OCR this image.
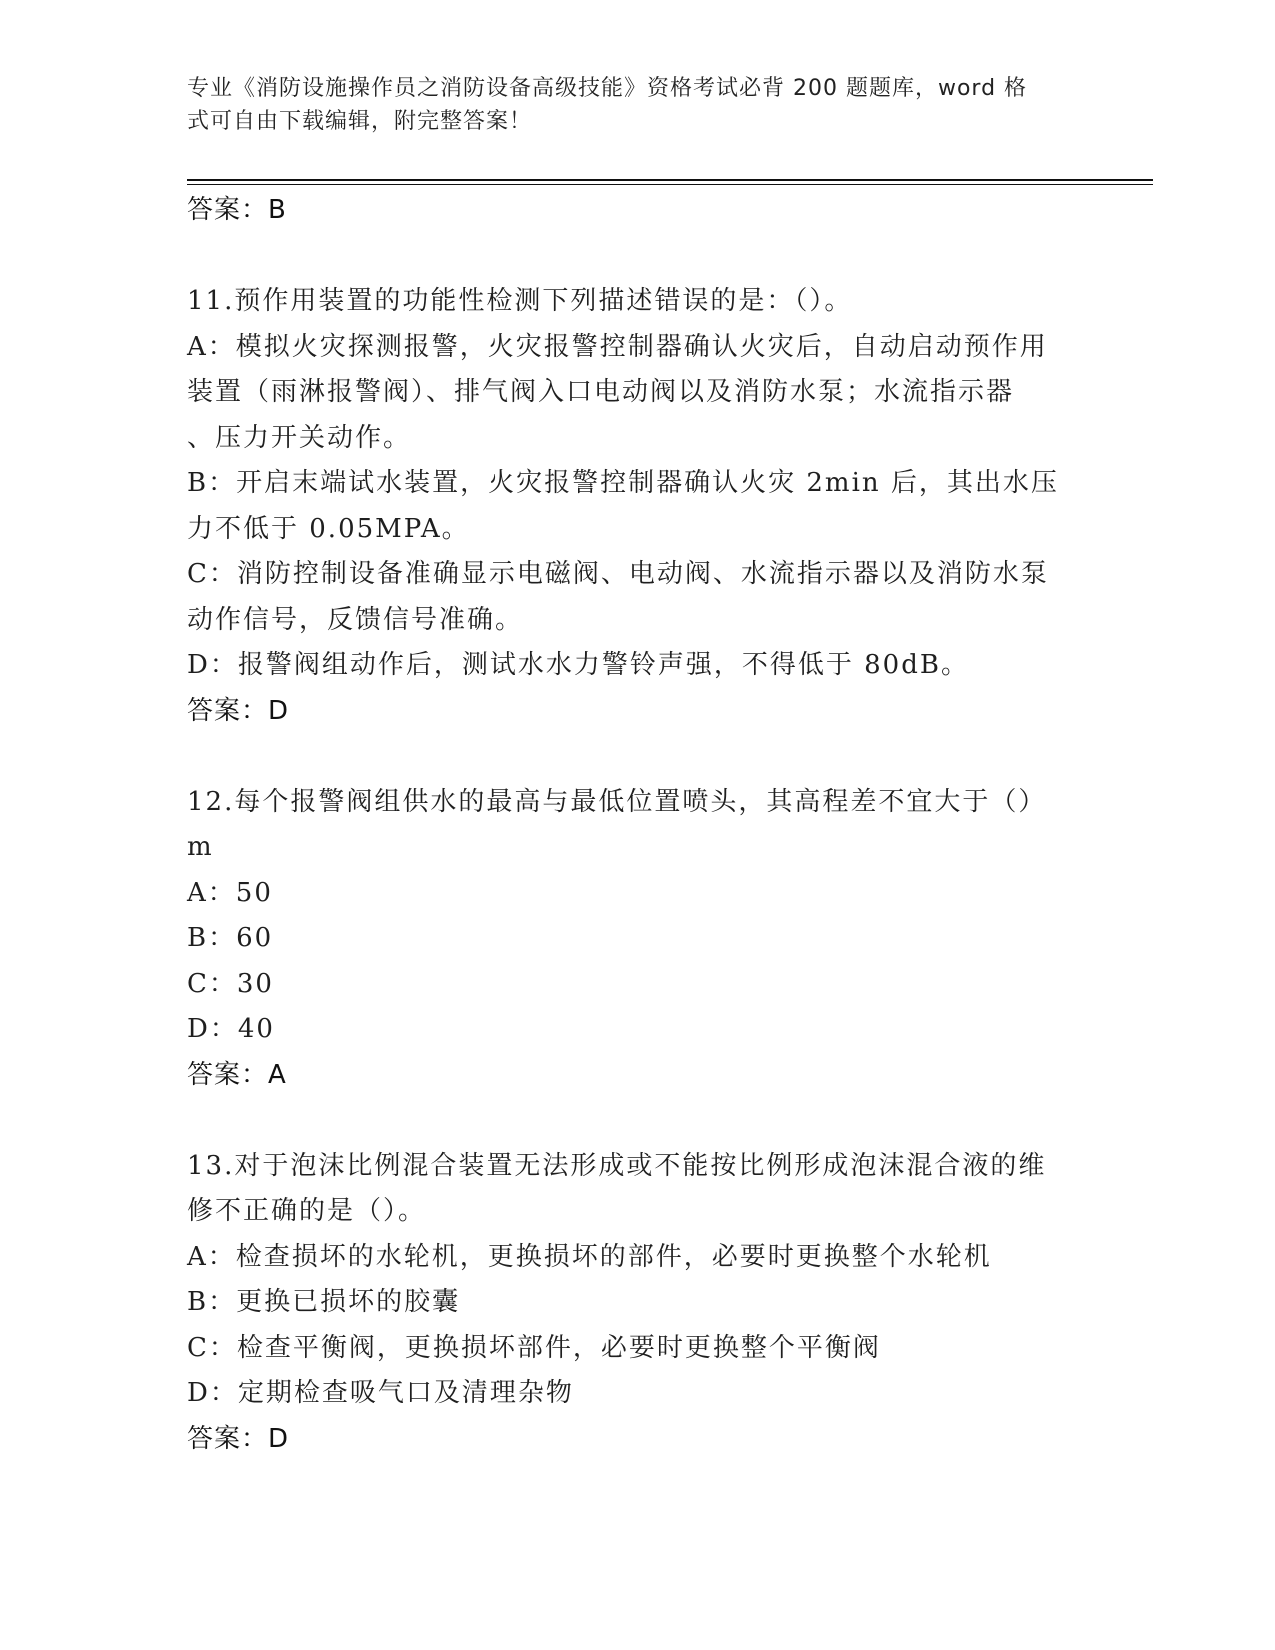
专业《消防设施操作员之消防设备高级技能》资格考试必背 200 题题库，word 格
式可自由下载编辑，附完整答案！
答案：B
11.预作用装置的功能性检测下列描述错误的是：（）。
A：模拟火灾探测报警，火灾报警控制器确认火灾后，自动启动预作用
装置（雨淋报警阀）、排气阀入口电动阀以及消防水泵；水流指示器
、压力开关动作。
B：开启末端试水装置，火灾报警控制器确认火灾 2min 后，其出水压
力不低于 0.05MPA。
C：消防控制设备准确显示电磁阀、电动阀、水流指示器以及消防水泵
动作信号，反馈信号准确。
D：报警阀组动作后，测试水水力警铃声强，不得低于 80dB。
答案：D
12.每个报警阀组供水的最高与最低位置喷头，其高程差不宜大于（）
m
A：50
B：60
C：30
D：40
答案：A
13.对于泡沫比例混合装置无法形成或不能按比例形成泡沫混合液的维
修不正确的是（）。
A：检查损坏的水轮机，更换损坏的部件，必要时更换整个水轮机
B：更换已损坏的胶囊
C：检查平衡阀，更换损坏部件，必要时更换整个平衡阀
D：定期检查吸气口及清理杂物
答案：D
